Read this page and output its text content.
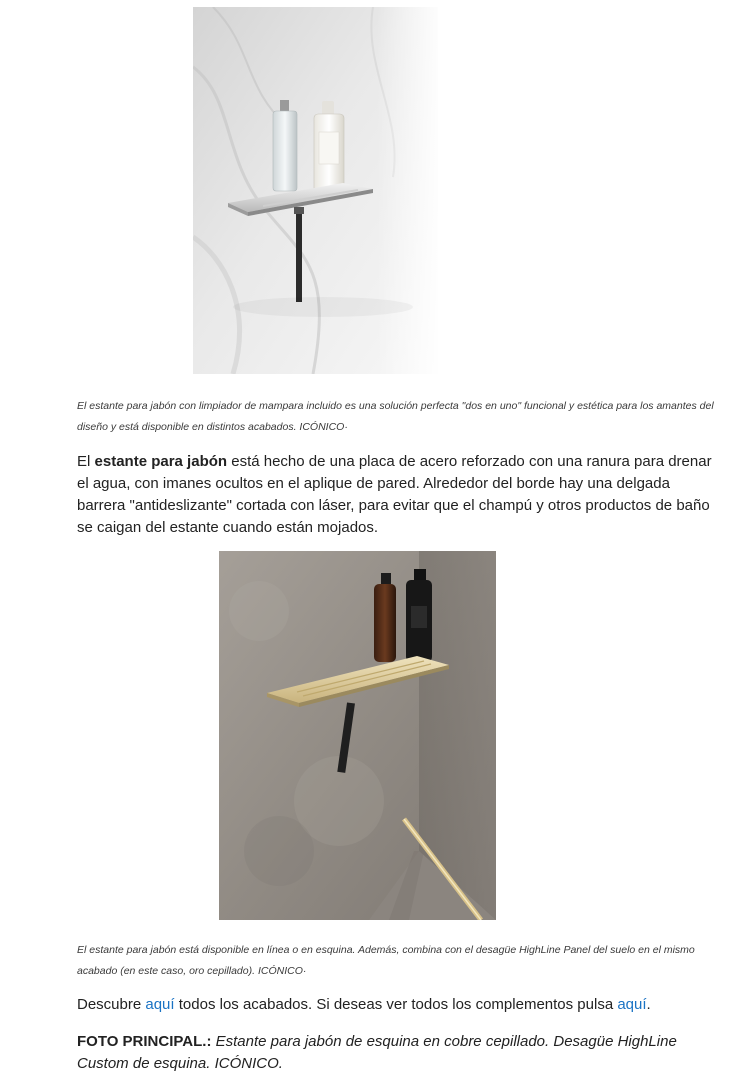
El estante para jabón con limpiador de mampara incluido es una solución perfecta "dos en uno" funcional y estética para los amantes del diseño y está disponible en distintos acabados. ICÓNICO·

El estante para jabón está hecho de una placa de acero reforzado con una ranura para drenar el agua, con imanes ocultos en el aplique de pared. Alrededor del borde hay una delgada barrera "antideslizante" cortada con láser, para evitar que el champú y otros productos de baño se caigan del estante cuando están mojados.

El estante para jabón está disponible en línea o en esquina. Además, combina con el desagüe HighLine Panel del suelo en el mismo acabado (en este caso, oro cepillado). ICÓNICO·

Descubre aquí todos los acabados. Si deseas ver todos los complementos pulsa aquí.

FOTO PRINCIPAL.: Estante para jabón de esquina en cobre cepillado. Desagüe HighLine Custom de esquina. ICÓNICO.
